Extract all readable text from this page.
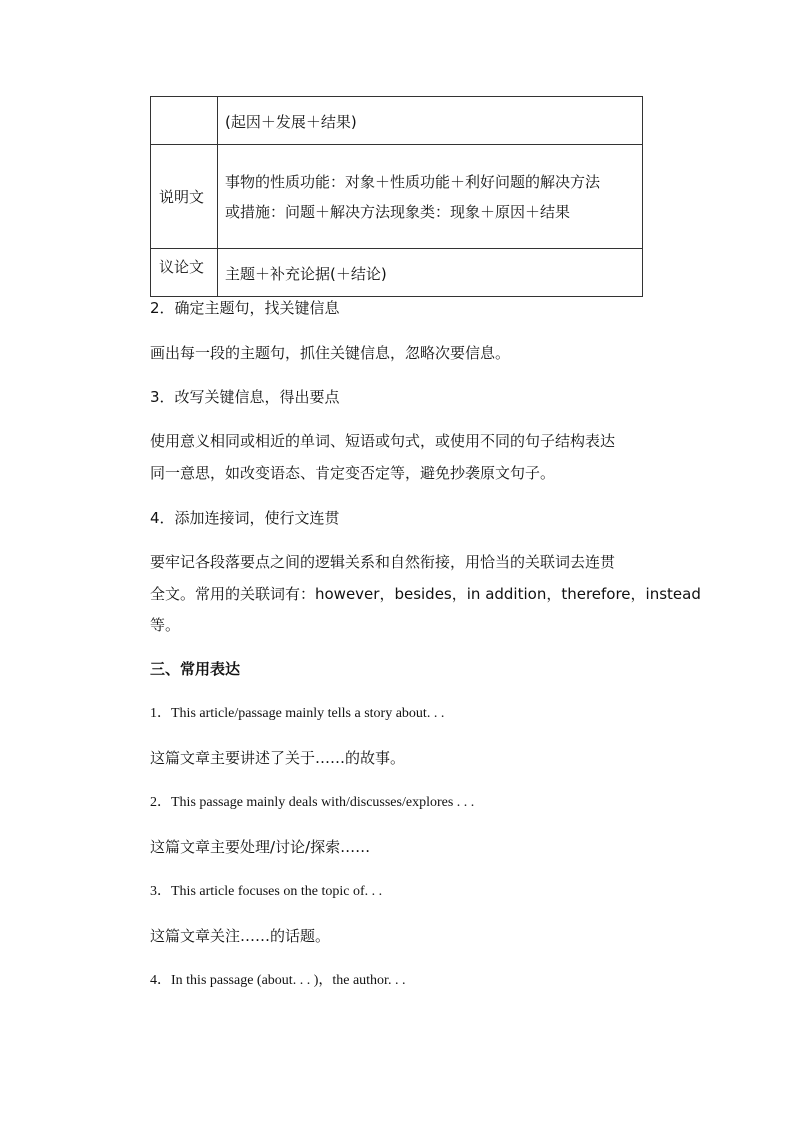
	(起因＋发展＋结果)

说明文	事物的性质功能：对象＋性质功能＋利好问题的解决方法
或措施：问题＋解决方法现象类：现象＋原因＋结果

议论文	主题＋补充论据(＋结论)
2．确定主题句，找关键信息
画出每一段的主题句，抓住关键信息，忽略次要信息。
3．改写关键信息，得出要点
使用意义相同或相近的单词、短语或句式，或使用不同的句子结构表达
同一意思，如改变语态、肯定变否定等，避免抄袭原文句子。
4．添加连接词，使行文连贯
要牢记各段落要点之间的逻辑关系和自然衔接，用恰当的关联词去连贯
全文。常用的关联词有：however，besides，in addition，therefore，instead
等。
三、常用表达
1．This article/passage mainly tells a story about. . .
这篇文章主要讲述了关于……的故事。
2．This passage mainly deals with/discusses/explores . . .
这篇文章主要处理/讨论/探索……
3．This article focuses on the topic of. . .
这篇文章关注……的话题。
4．In this passage (about. . . )，the author. . .
